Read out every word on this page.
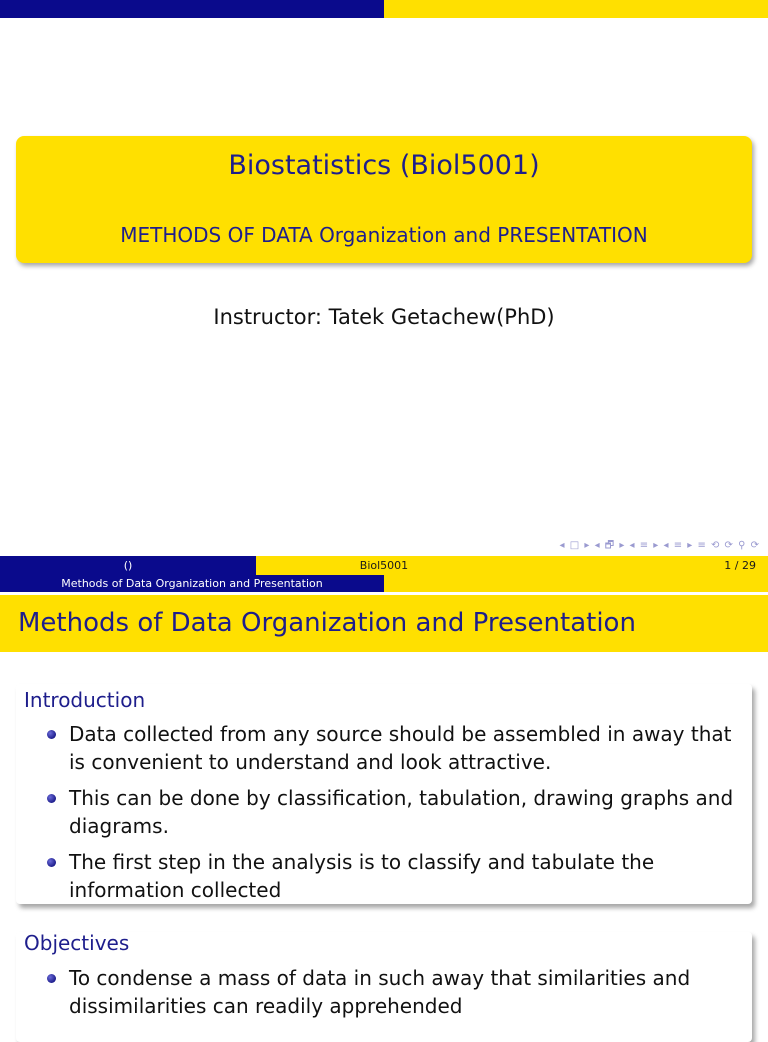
Biostatistics (Biol5001)
METHODS OF DATA Organization and PRESENTATION
Instructor: Tatek Getachew(PhD)
◂ □ ▸ ◂ 🗗 ▸ ◂ ≡ ▸ ◂ ≡ ▸ ≡ ⟲ ⟳ ⚲ ⟳
()	Biol5001	1 / 29
Methods of Data Organization and Presentation
Methods of Data Organization and Presentation
Introduction
Data collected from any source should be assembled in away that is convenient to understand and look attractive.
This can be done by classification, tabulation, drawing graphs and diagrams.
The first step in the analysis is to classify and tabulate the information collected
Objectives
To condense a mass of data in such away that similarities and dissimilarities can readily apprehended
